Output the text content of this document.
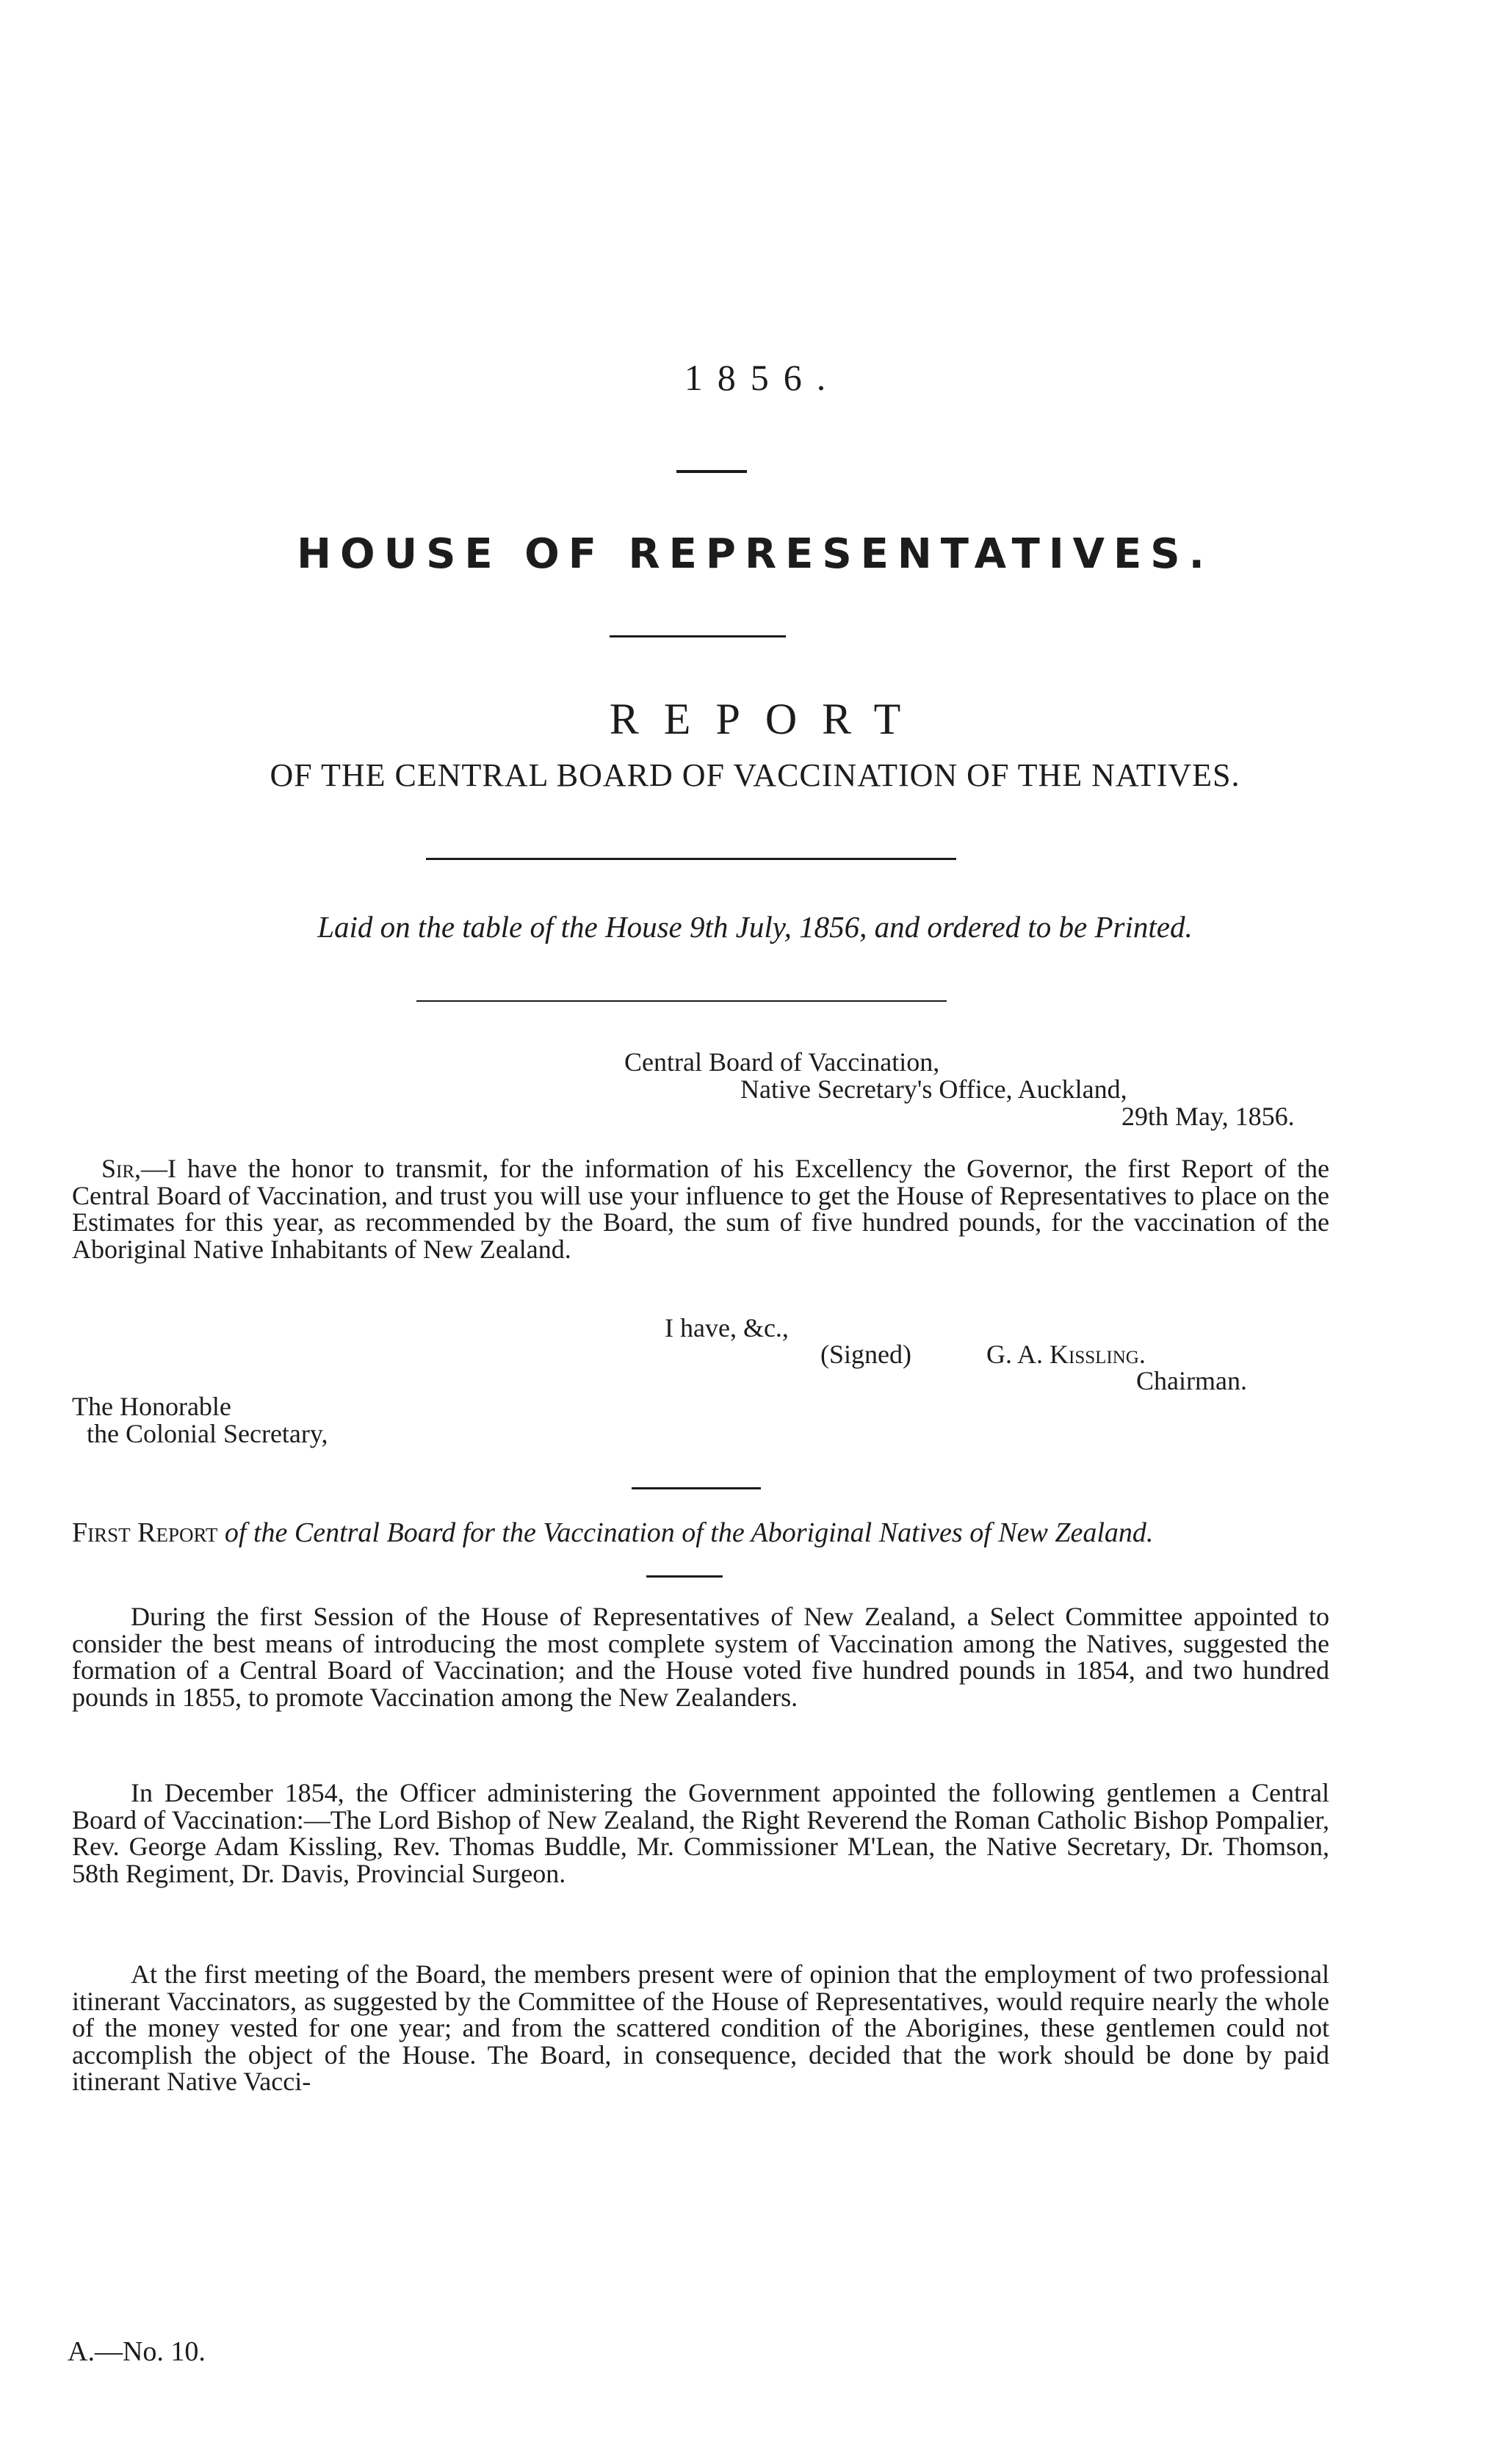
1856.
HOUSE OF REPRESENTATIVES.
REPORT
OF THE CENTRAL BOARD OF VACCINATION OF THE NATIVES.
Laid on the table of the House 9th July, 1856, and ordered to be Printed.
Central Board of Vaccination,
Native Secretary's Office, Auckland,
29th May, 1856.
Sir,—I have the honor to transmit, for the information of his Excellency the Governor, the first Report of the Central Board of Vaccination, and trust you will use your influence to get the House of Representatives to place on the Estimates for this year, as recommended by the Board, the sum of five hundred pounds, for the vaccination of the Aboriginal Native Inhabitants of New Zealand.
I have, &c.,
(Signed)	G. A. Kissling.
Chairman.
The Honorable
the Colonial Secretary,
First Report of the Central Board for the Vaccination of the Aboriginal Natives of New Zealand.
During the first Session of the House of Representatives of New Zealand, a Select Committee appointed to consider the best means of introducing the most complete system of Vaccination among the Natives, suggested the formation of a Central Board of Vaccination; and the House voted five hundred pounds in 1854, and two hundred pounds in 1855, to promote Vaccination among the New Zealanders.
In December 1854, the Officer administering the Government appointed the following gentlemen a Central Board of Vaccination:—The Lord Bishop of New Zealand, the Right Reverend the Roman Catholic Bishop Pompalier, Rev. George Adam Kissling, Rev. Thomas Buddle, Mr. Commissioner M'Lean, the Native Secretary, Dr. Thomson, 58th Regiment, Dr. Davis, Provincial Surgeon.
At the first meeting of the Board, the members present were of opinion that the employment of two professional itinerant Vaccinators, as suggested by the Committee of the House of Representatives, would require nearly the whole of the money vested for one year; and from the scattered condition of the Aborigines, these gentlemen could not accomplish the object of the House. The Board, in consequence, decided that the work should be done by paid itinerant Native Vacci-
A.—No. 10.
